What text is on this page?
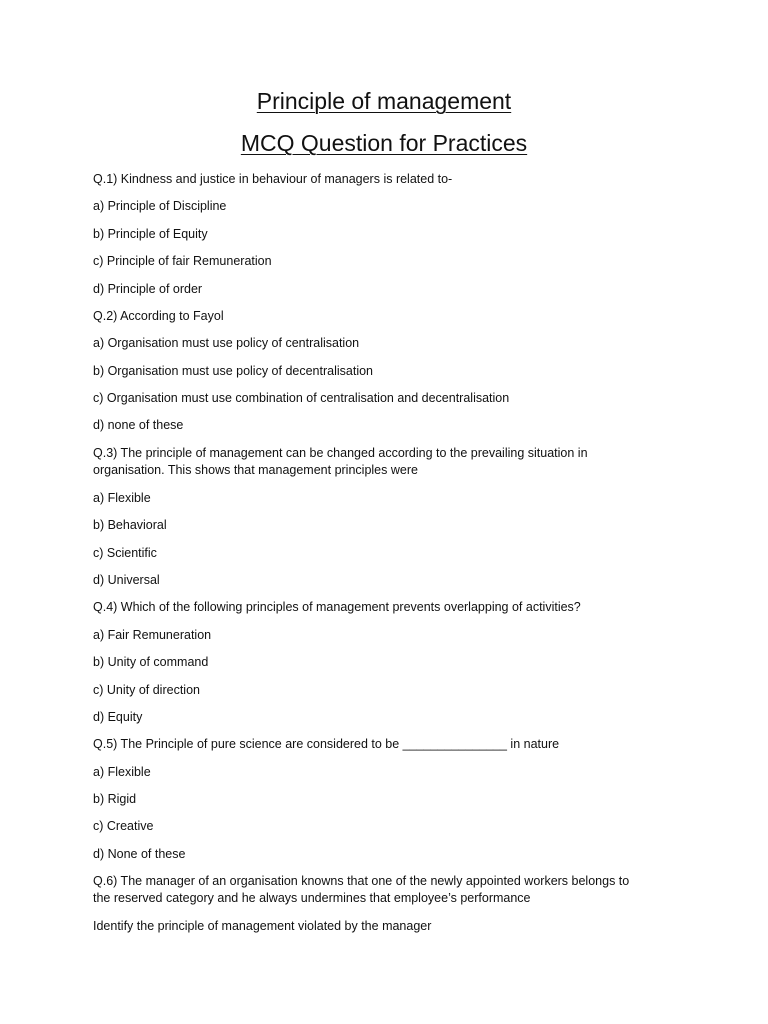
Principle of management
MCQ Question for Practices
Q.1) Kindness and justice in behaviour of managers is related to-
a) Principle of Discipline
b) Principle of Equity
c) Principle of fair Remuneration
d) Principle of order
Q.2) According to Fayol
a) Organisation must use policy of centralisation
b) Organisation must use policy of decentralisation
c) Organisation must use combination of centralisation and decentralisation
d) none of these
Q.3) The principle of management can be changed according to the prevailing situation in
organisation. This shows that management principles were
a) Flexible
b) Behavioral
c) Scientific
d) Universal
Q.4) Which of the following principles of management prevents overlapping of activities?
a) Fair Remuneration
b) Unity of command
c) Unity of direction
d) Equity
Q.5) The Principle of pure science are considered to be _______________ in nature
a) Flexible
b) Rigid
c) Creative
d) None of these
Q.6) The manager of an organisation knowns that one of the newly appointed workers belongs to
the reserved category and he always undermines that employee’s performance
Identify the principle of management violated by the manager
